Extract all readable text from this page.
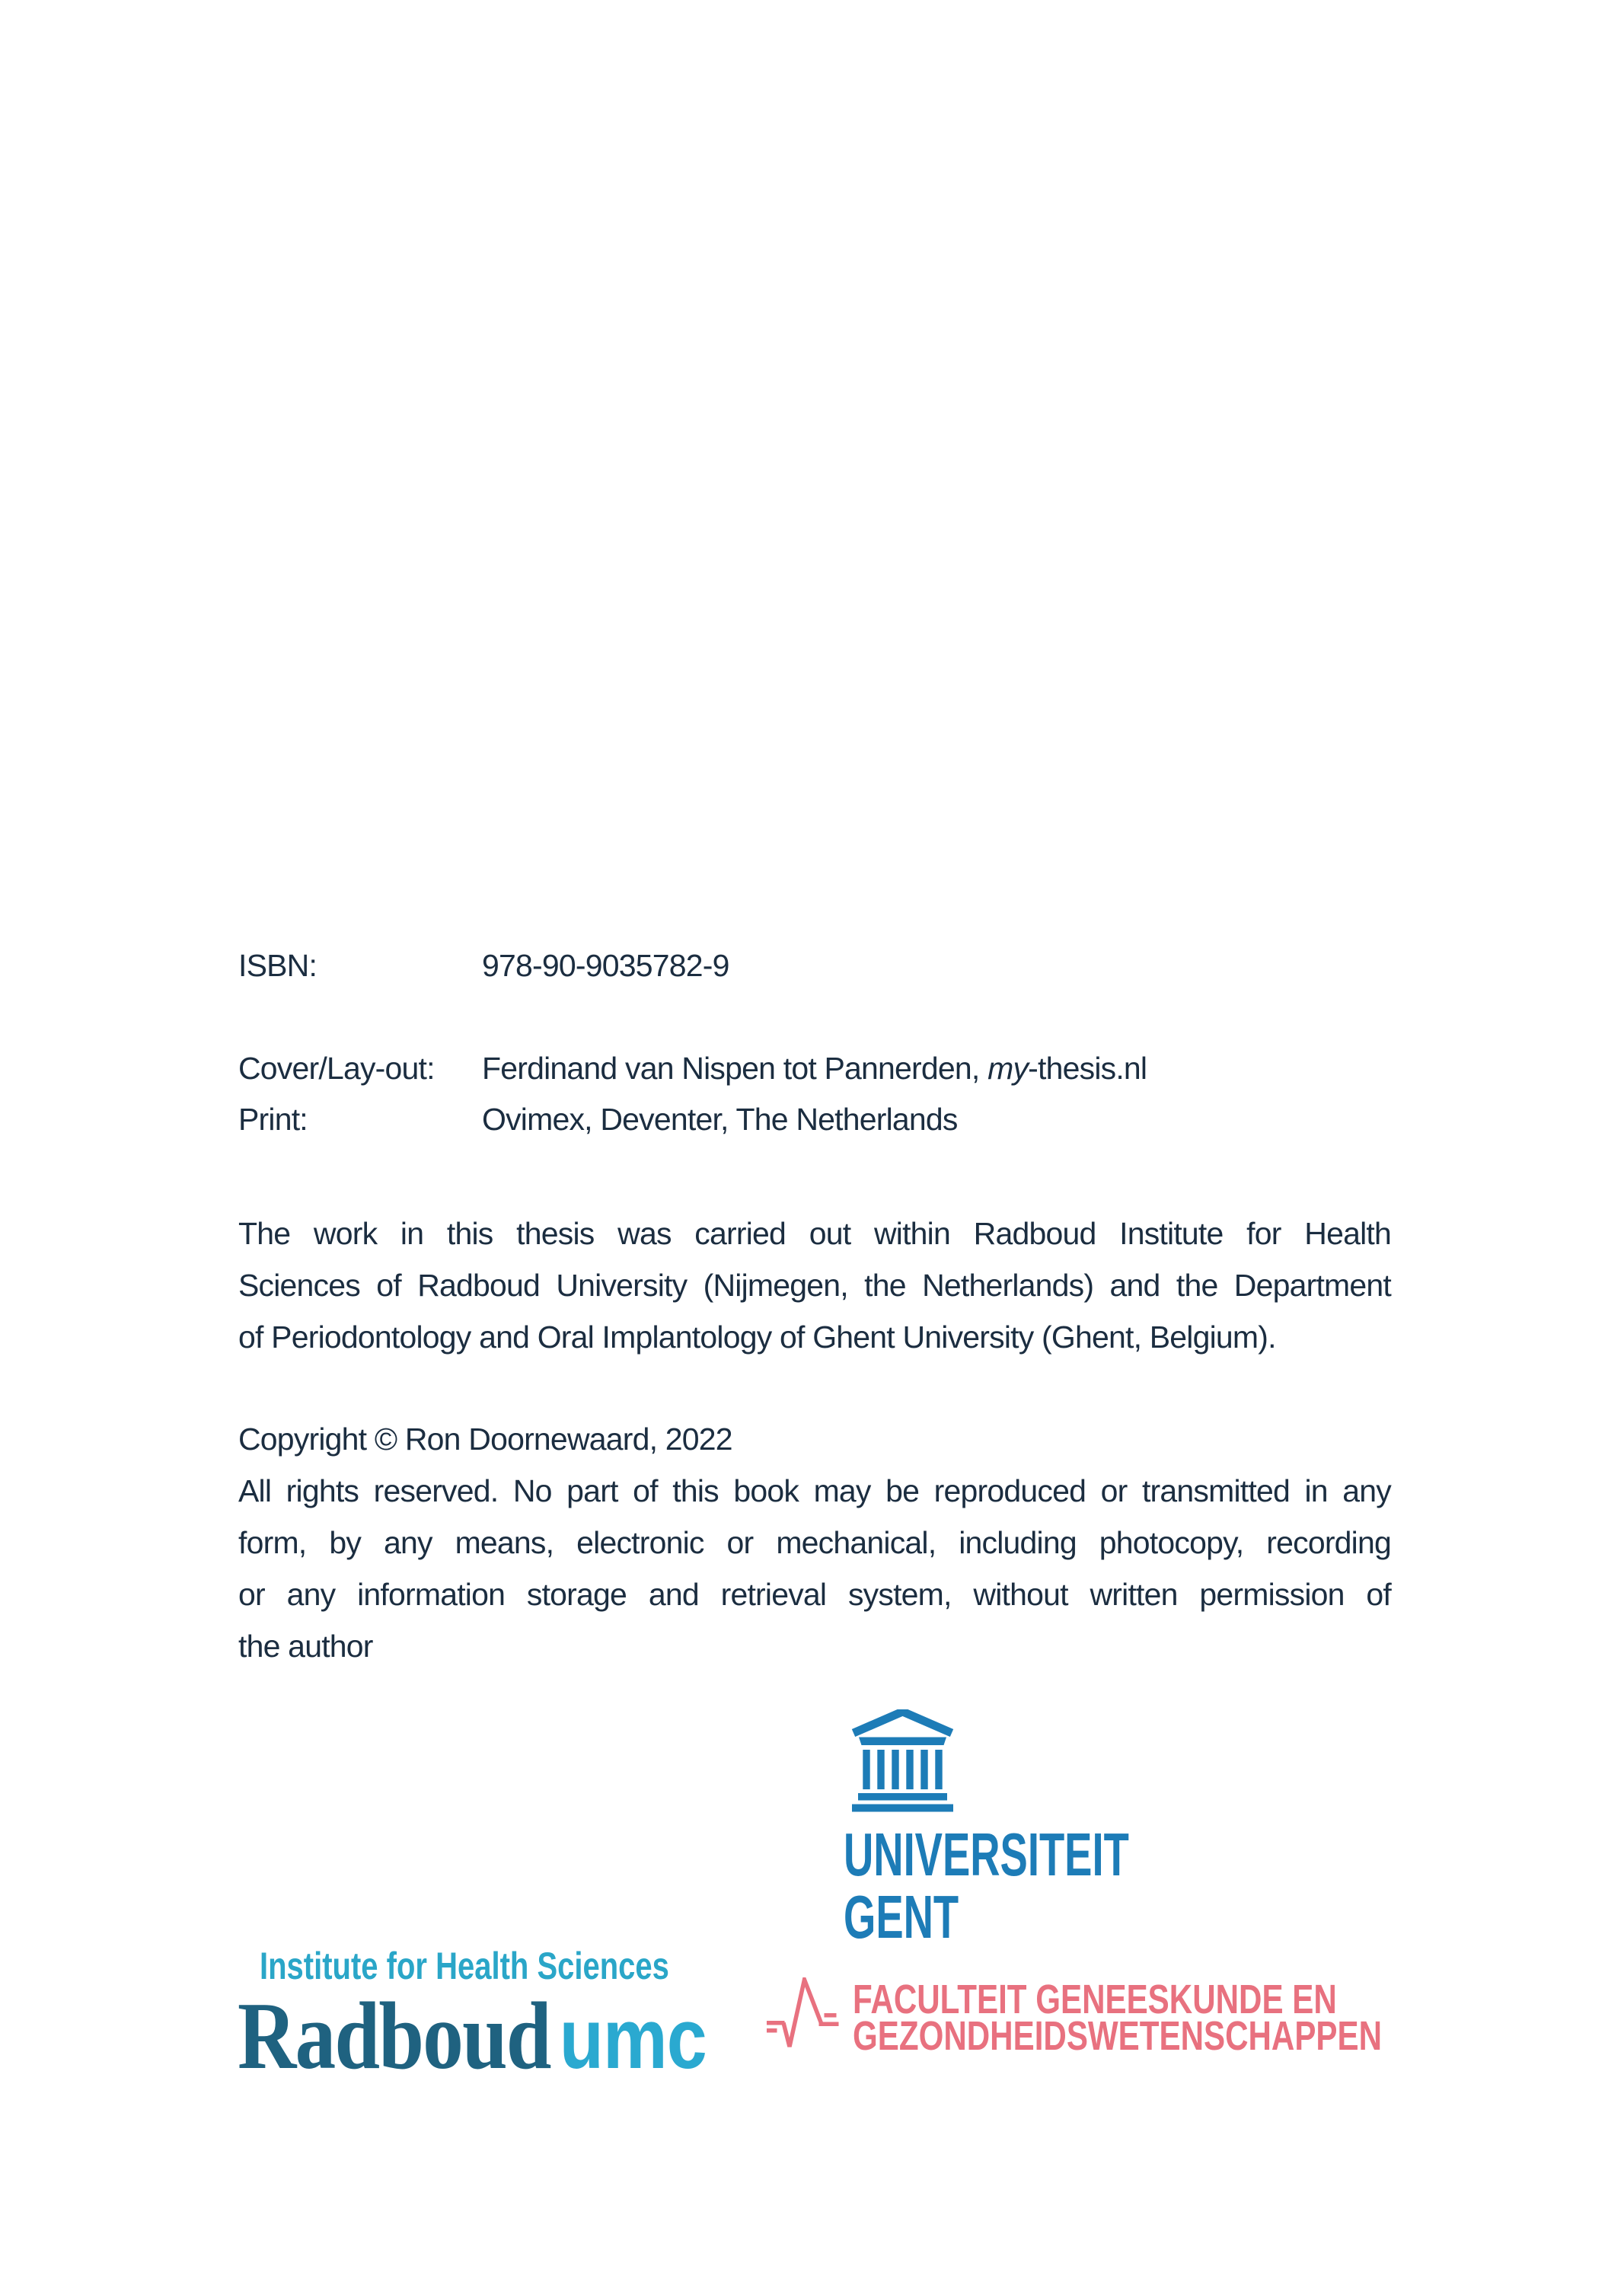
ISBN:	978-90-9035782-9
Cover/Lay-out: Ferdinand van Nispen tot Pannerden, my-thesis.nl
Print:	Ovimex, Deventer, The Netherlands
The work in this thesis was carried out within Radboud Institute for Health
Sciences of Radboud University (Nijmegen, the Netherlands) and the Department
of Periodontology and Oral Implantology of Ghent University (Ghent, Belgium).
Copyright © Ron Doornewaard, 2022
All rights reserved. No part of this book may be reproduced or transmitted in any
form, by any means, electronic or mechanical, including photocopy, recording
or any information storage and retrieval system, without written permission of
the author
UNIVERSITEIT
GENT
FACULTEIT GENEESKUNDE EN
GEZONDHEIDSWETENSCHAPPEN
Institute for Health Sciences
Radboud umc
